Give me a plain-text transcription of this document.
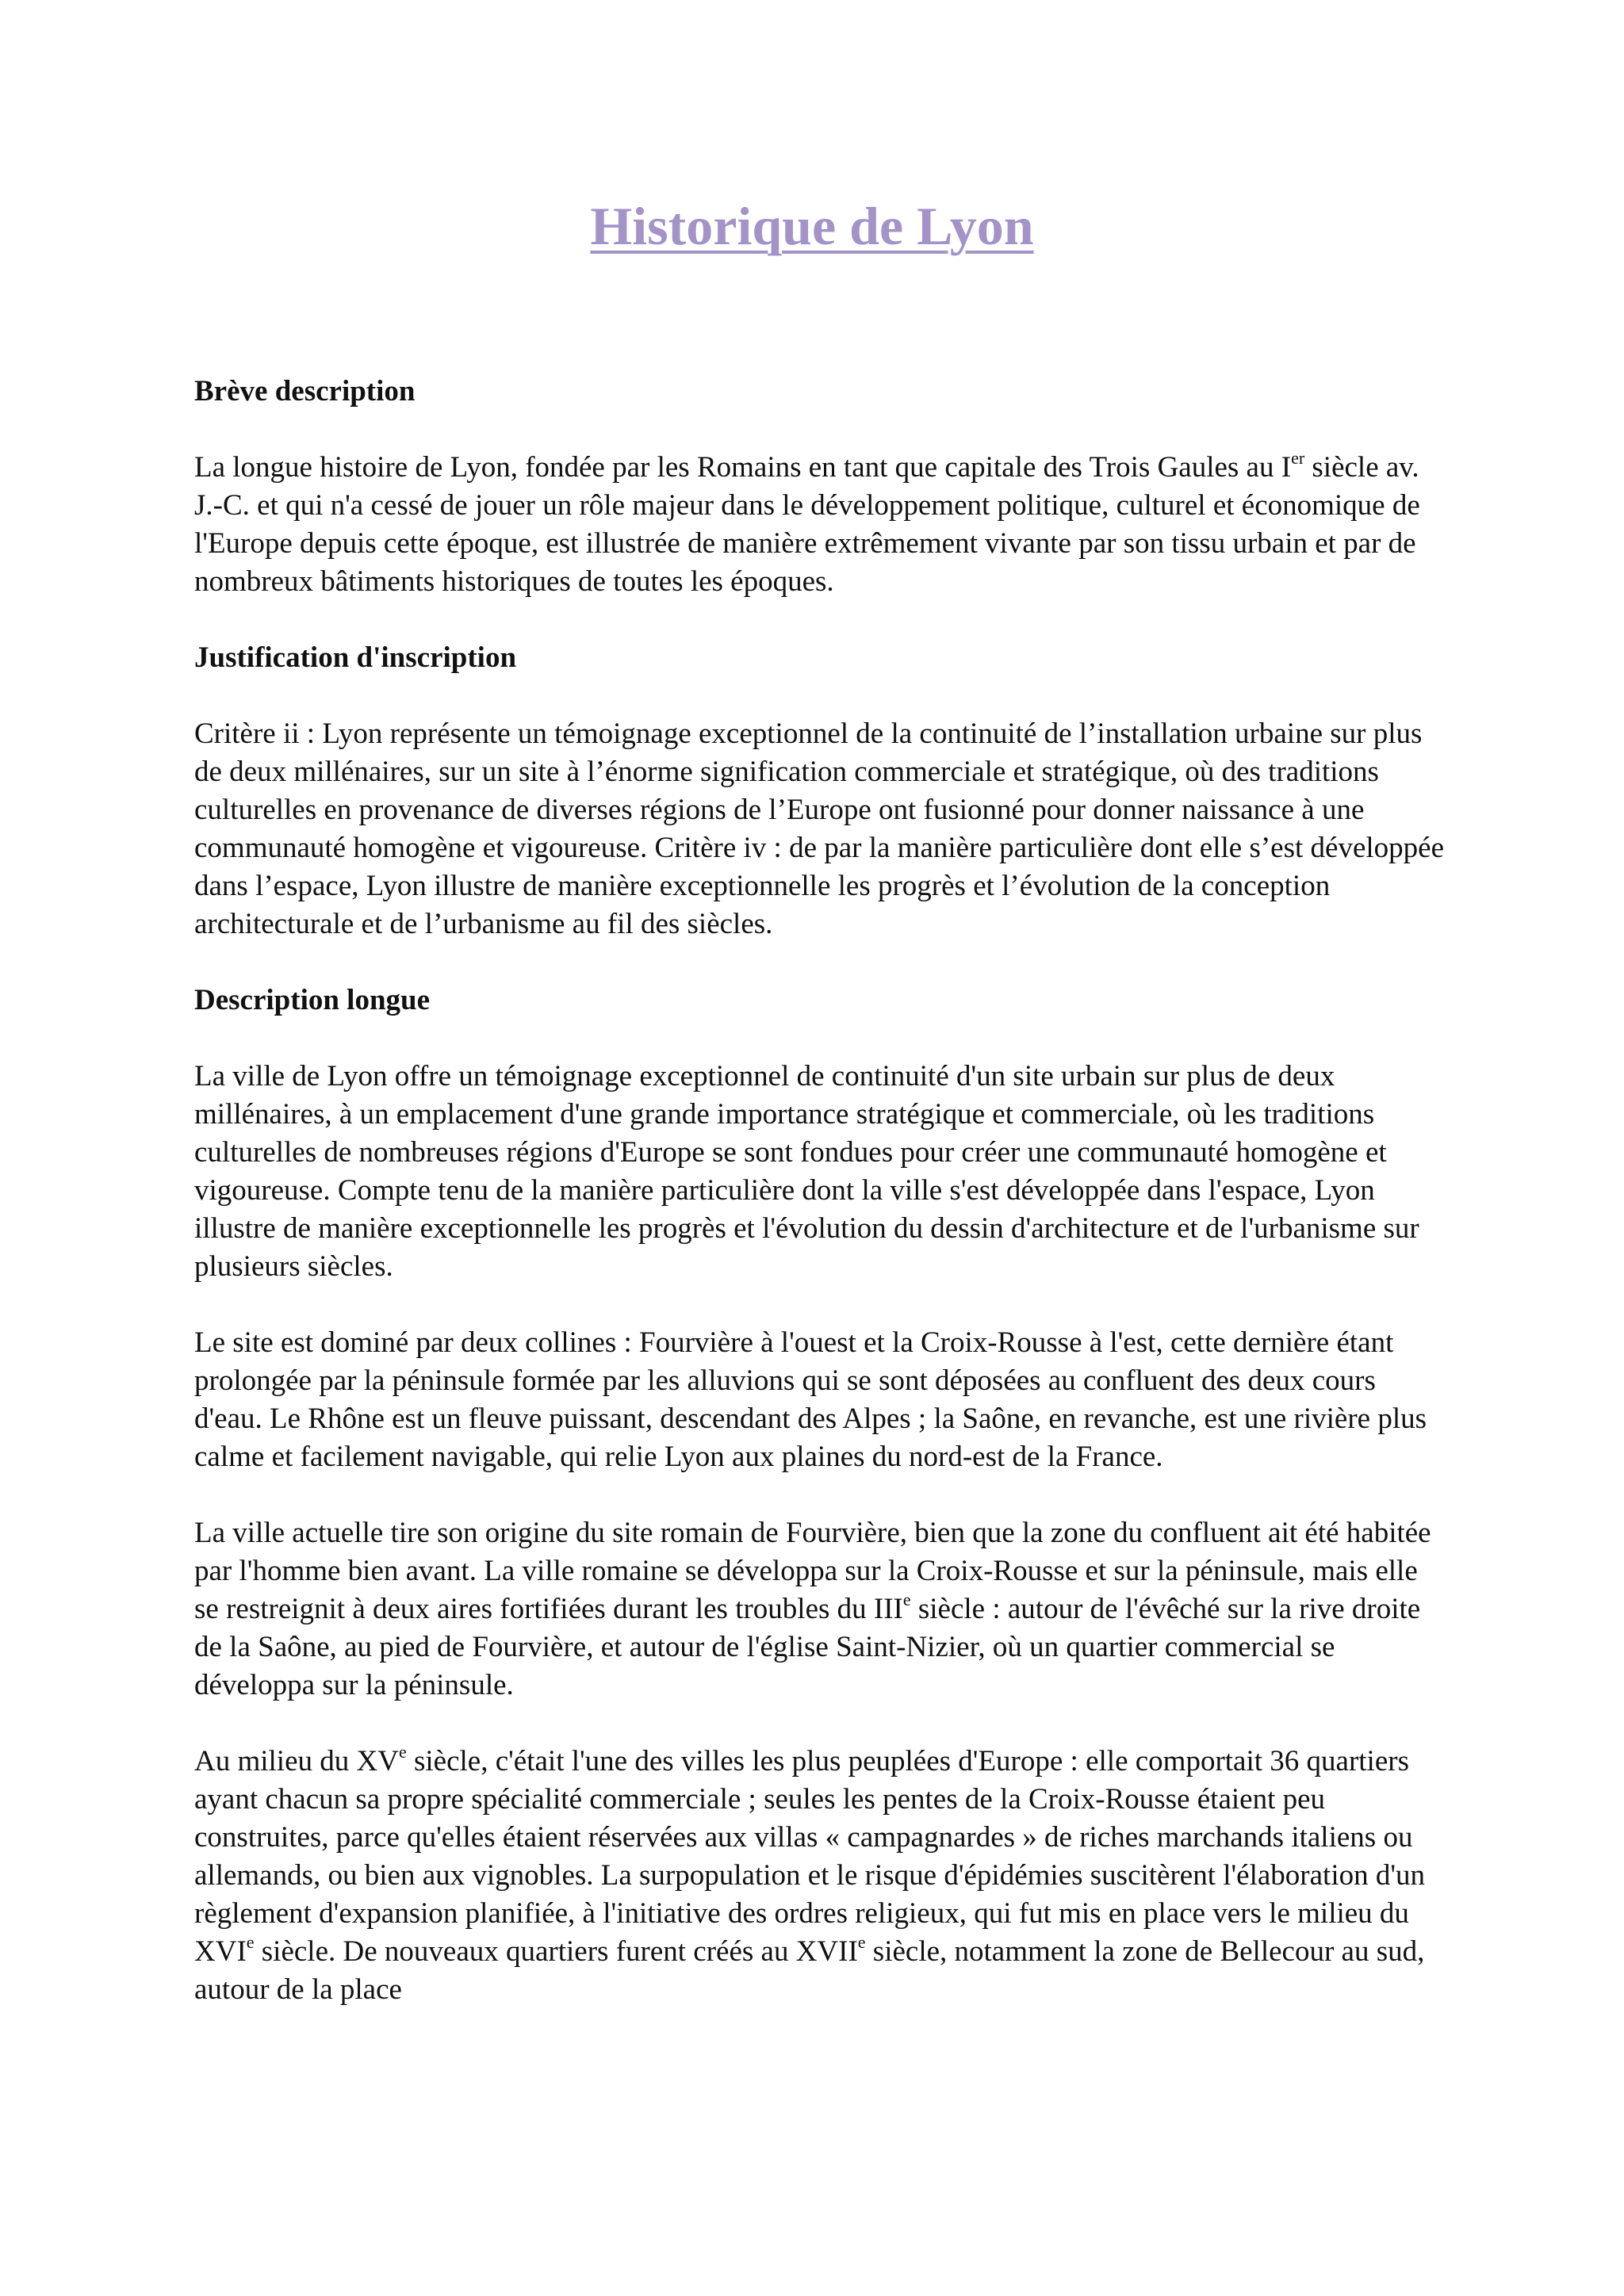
Historique de Lyon
Brève description

La longue histoire de Lyon, fondée par les Romains en tant que capitale des Trois Gaules au Ier siècle av. J.-C. et qui n'a cessé de jouer un rôle majeur dans le développement politique, culturel et économique de l'Europe depuis cette époque, est illustrée de manière extrêmement vivante par son tissu urbain et par de nombreux bâtiments historiques de toutes les époques.

Justification d'inscription

Critère ii : Lyon représente un témoignage exceptionnel de la continuité de l’installation urbaine sur plus de deux millénaires, sur un site à l’énorme signification commerciale et stratégique, où des traditions culturelles en provenance de diverses régions de l’Europe ont fusionné pour donner naissance à une communauté homogène et vigoureuse. Critère iv : de par la manière particulière dont elle s’est développée dans l’espace, Lyon illustre de manière exceptionnelle les progrès et l’évolution de la conception architecturale et de l’urbanisme au fil des siècles.

Description longue

La ville de Lyon offre un témoignage exceptionnel de continuité d'un site urbain sur plus de deux millénaires, à un emplacement d'une grande importance stratégique et commerciale, où les traditions culturelles de nombreuses régions d'Europe se sont fondues pour créer une communauté homogène et vigoureuse. Compte tenu de la manière particulière dont la ville s'est développée dans l'espace, Lyon illustre de manière exceptionnelle les progrès et l'évolution du dessin d'architecture et de l'urbanisme sur plusieurs siècles.

Le site est dominé par deux collines : Fourvière à l'ouest et la Croix-Rousse à l'est, cette dernière étant prolongée par la péninsule formée par les alluvions qui se sont déposées au confluent des deux cours d'eau. Le Rhône est un fleuve puissant, descendant des Alpes ; la Saône, en revanche, est une rivière plus calme et facilement navigable, qui relie Lyon aux plaines du nord-est de la France.

La ville actuelle tire son origine du site romain de Fourvière, bien que la zone du confluent ait été habitée par l'homme bien avant. La ville romaine se développa sur la Croix-Rousse et sur la péninsule, mais elle se restreignit à deux aires fortifiées durant les troubles du IIIe siècle : autour de l'évêché sur la rive droite de la Saône, au pied de Fourvière, et autour de l'église Saint-Nizier, où un quartier commercial se développa sur la péninsule.

Au milieu du XVe siècle, c'était l'une des villes les plus peuplées d'Europe : elle comportait 36 quartiers ayant chacun sa propre spécialité commerciale ; seules les pentes de la Croix-Rousse étaient peu construites, parce qu'elles étaient réservées aux villas « campagnardes » de riches marchands italiens ou allemands, ou bien aux vignobles. La surpopulation et le risque d'épidémies suscitèrent l'élaboration d'un règlement d'expansion planifiée, à l'initiative des ordres religieux, qui fut mis en place vers le milieu du XVIe siècle. De nouveaux quartiers furent créés au XVIIe siècle, notamment la zone de Bellecour au sud, autour de la place
